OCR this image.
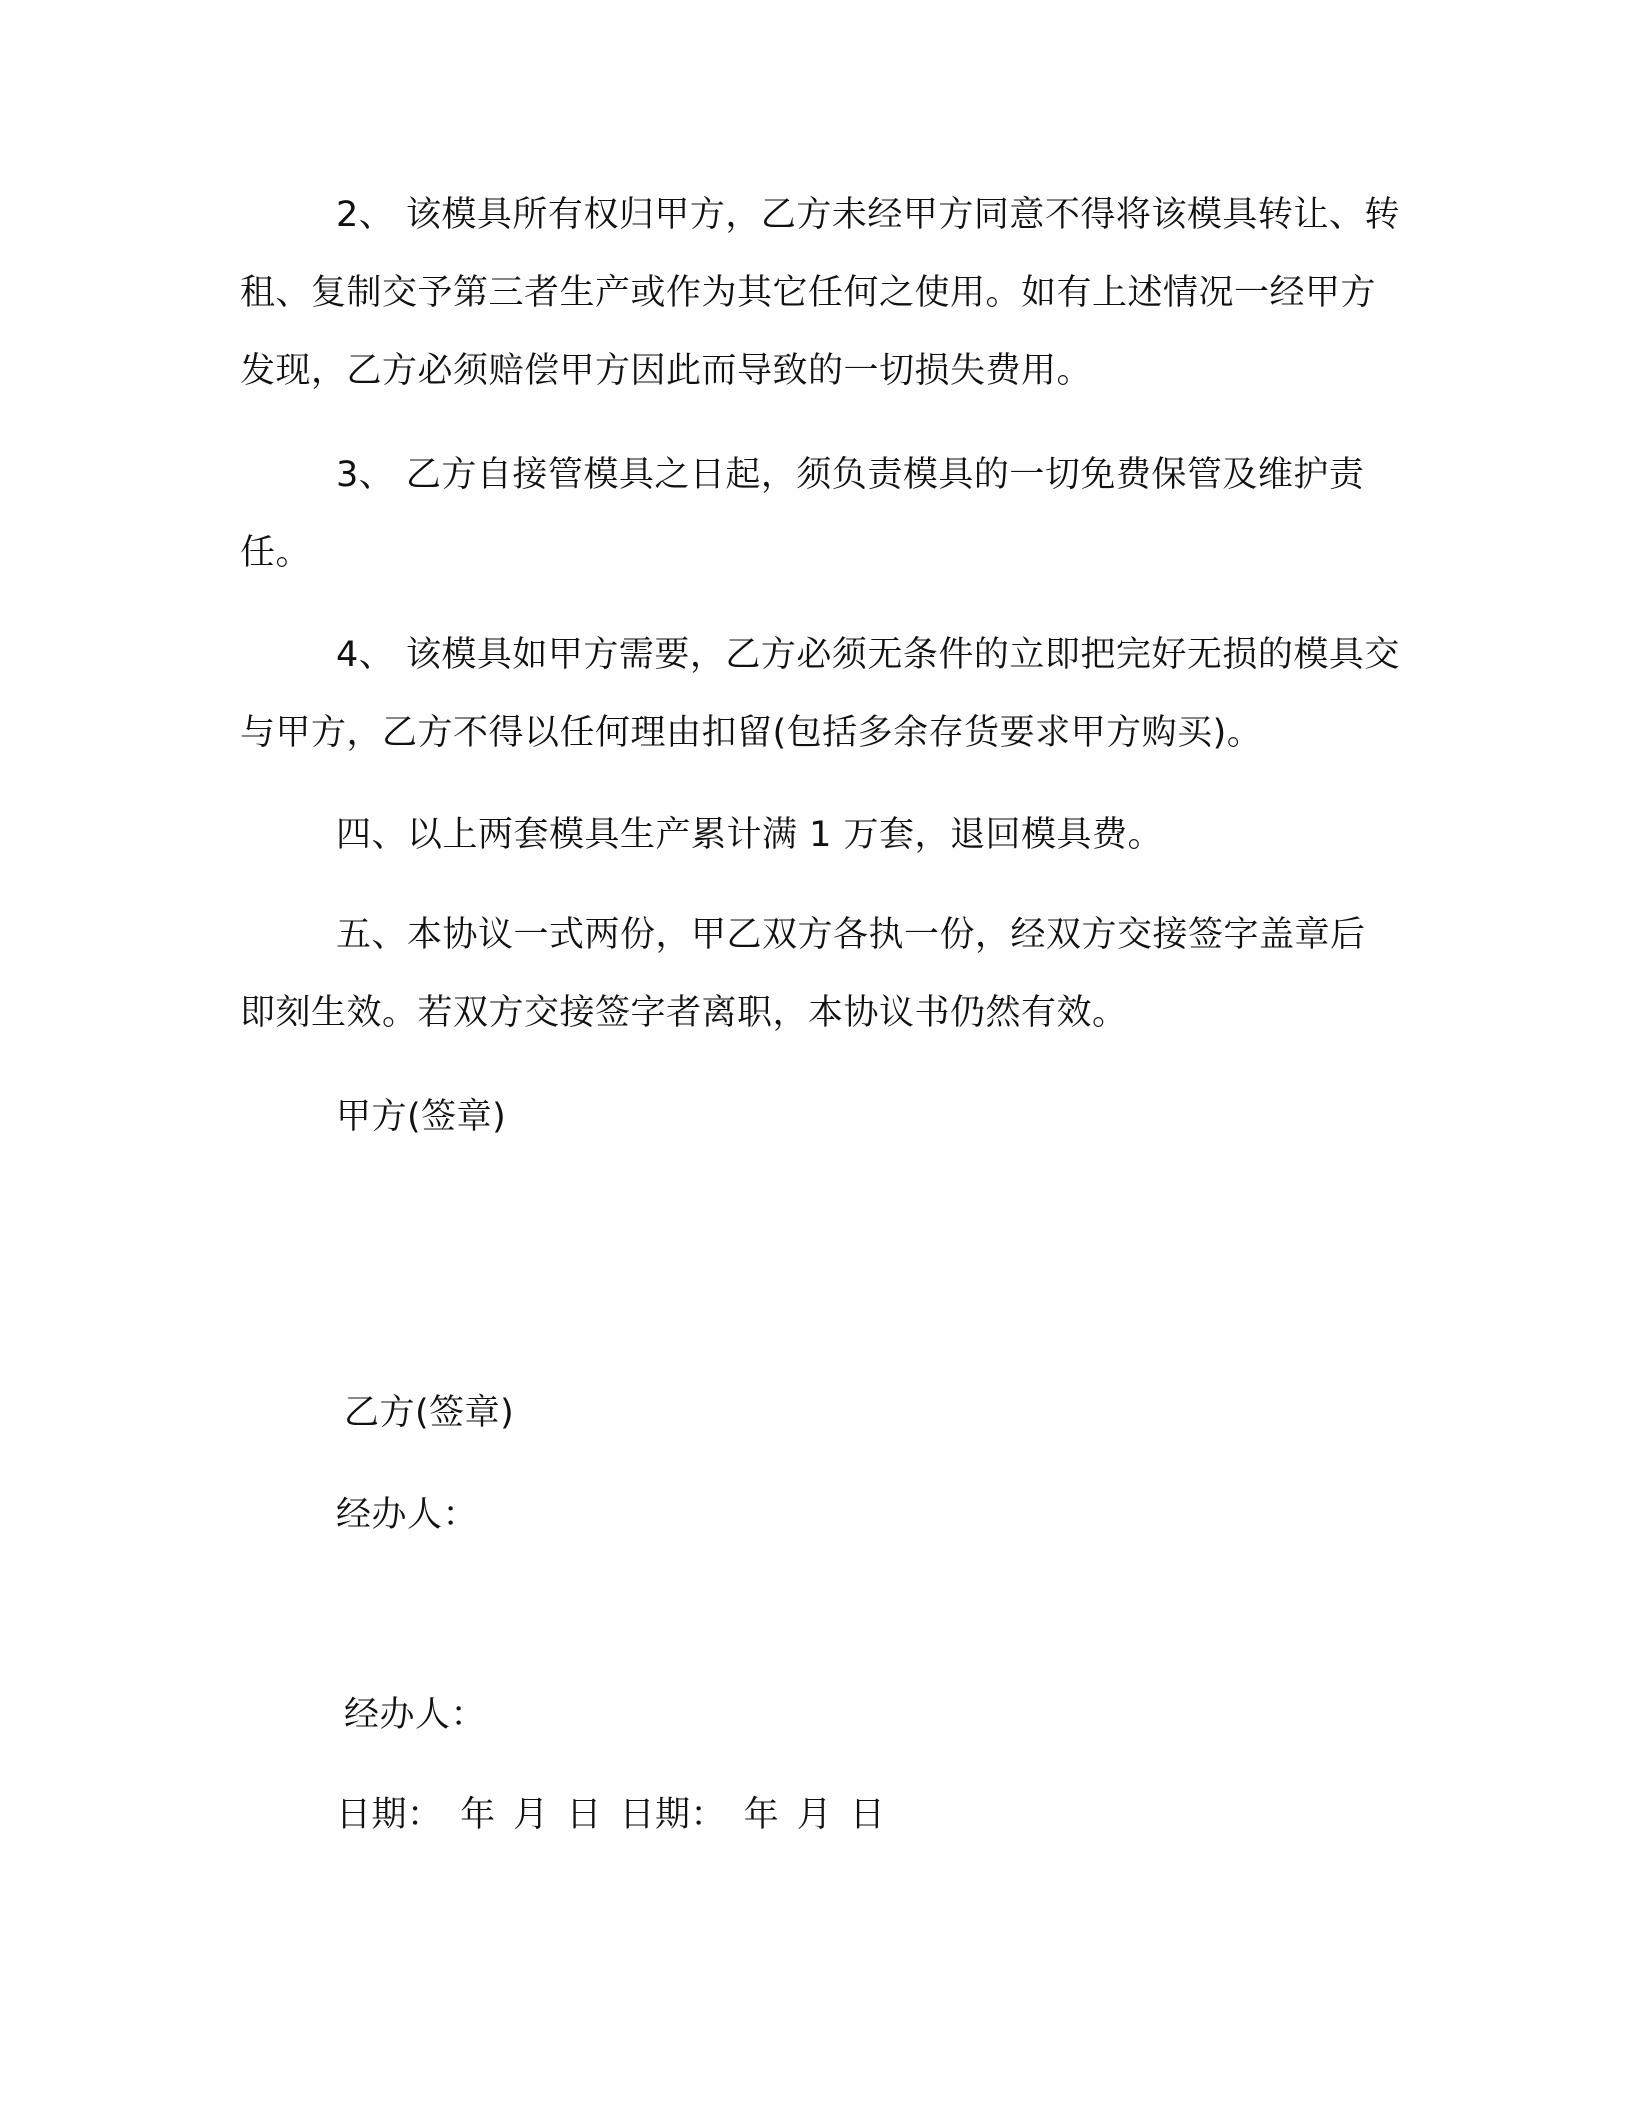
2、 该模具所有权归甲方，乙方未经甲方同意不得将该模具转让、转租、复制交予第三者生产或作为其它任何之使用。如有上述情况一经甲方发现，乙方必须赔偿甲方因此而导致的一切损失费用。
3、 乙方自接管模具之日起，须负责模具的一切免费保管及维护责任。
4、 该模具如甲方需要，乙方必须无条件的立即把完好无损的模具交与甲方，乙方不得以任何理由扣留(包括多余存货要求甲方购买)。
四、以上两套模具生产累计满 1 万套，退回模具费。
五、本协议一式两份，甲乙双方各执一份，经双方交接签字盖章后即刻生效。若双方交接签字者离职，本协议书仍然有效。
甲方(签章)
乙方(签章)
经办人：
经办人：
日期： 年 月 日 日期： 年 月 日
